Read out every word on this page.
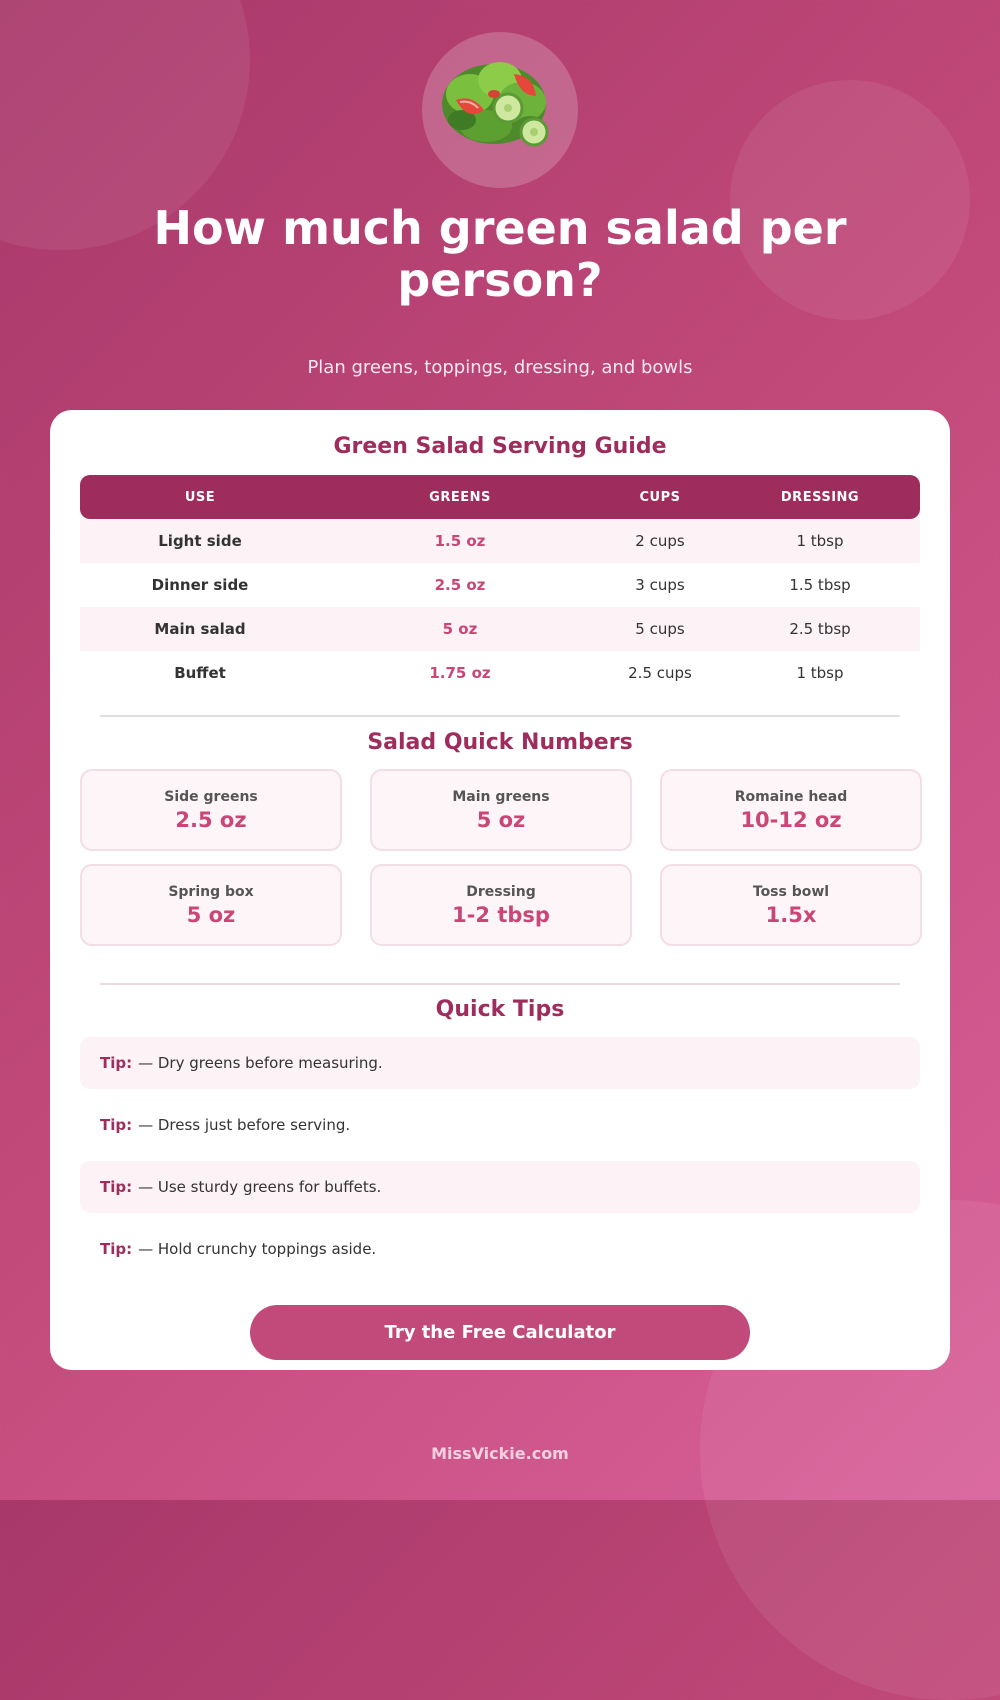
How much green salad per person?
Plan greens, toppings, dressing, and bowls
Green Salad Serving Guide
USE	GREENS	CUPS	DRESSING
Light side	1.5 oz	2 cups	1 tbsp
Dinner side	2.5 oz	3 cups	1.5 tbsp
Main salad	5 oz	5 cups	2.5 tbsp
Buffet	1.75 oz	2.5 cups	1 tbsp
Salad Quick Numbers
Side greens
2.5 oz
Main greens
5 oz
Romaine head
10-12 oz
Spring box
5 oz
Dressing
1-2 tbsp
Toss bowl
1.5x
Quick Tips
Tip: — Dry greens before measuring.
Tip: — Dress just before serving.
Tip: — Use sturdy greens for buffets.
Tip: — Hold crunchy toppings aside.
Try the Free Calculator
MissVickie.com
